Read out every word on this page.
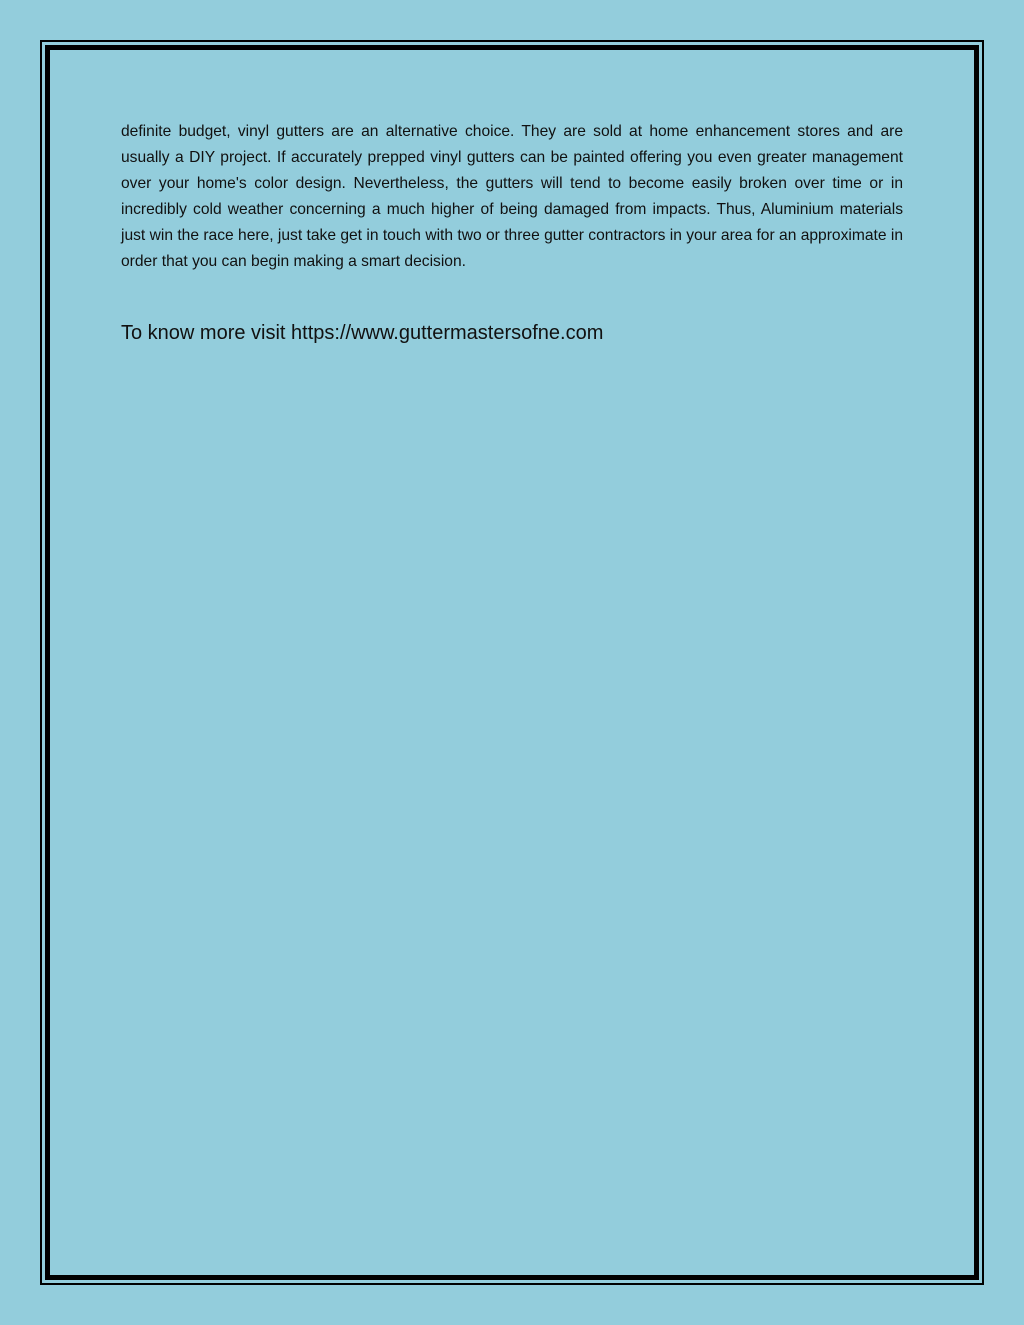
definite budget, vinyl gutters are an alternative choice. They are sold at home enhancement stores and are usually a DIY project. If accurately prepped vinyl gutters can be painted offering you even greater management over your home's color design. Nevertheless, the gutters will tend to become easily broken over time or in incredibly cold weather concerning a much higher of being damaged from impacts. Thus, Aluminium materials just win the race here, just take get in touch with two or three gutter contractors in your area for an approximate in order that you can begin making a smart decision.

To know more visit https://www.guttermastersofne.com
